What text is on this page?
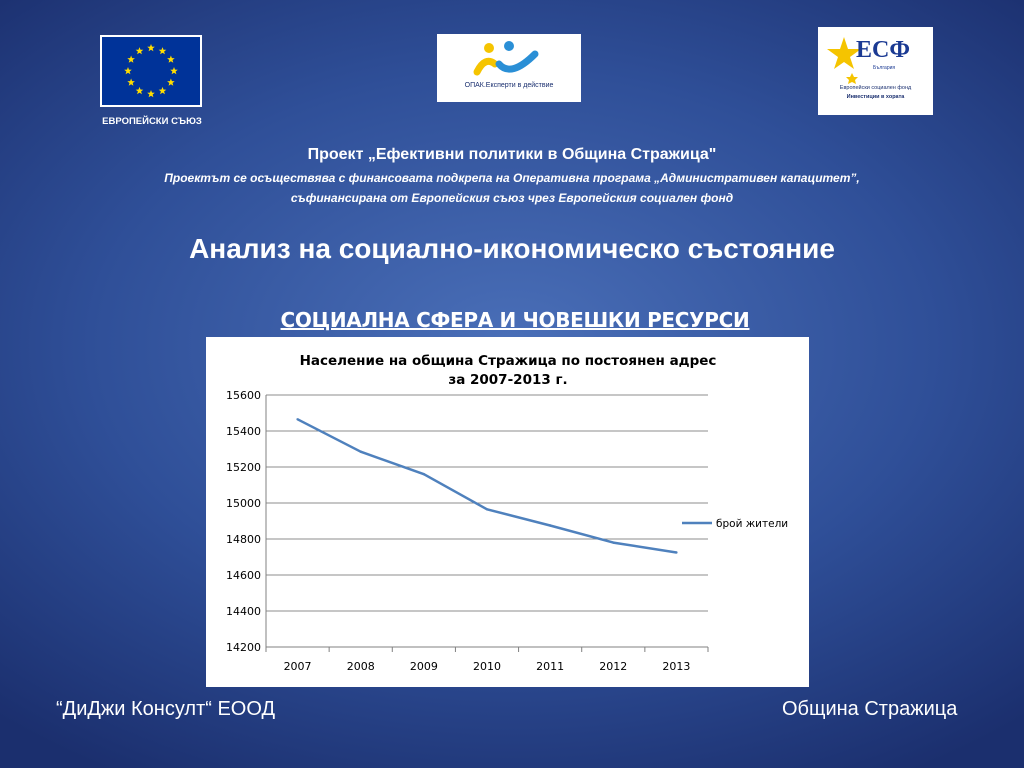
ЕВРОПЕЙСКИ СЪЮЗ
ОПАК.Експерти в действие
ЕСФ
България
Европейски социален фонд
Инвестиции в хората
Проект „Ефективни политики в Община Стражица"
Проектът се осъществява с финансовата подкрепа на Оперативна програма „Административен капацитет”,
съфинансирана от Европейския съюз чрез Европейския социален фонд
Анализ на социално-икономическо състояние
СОЦИАЛНА СФЕРА И ЧОВЕШКИ РЕСУРСИ
Население на община Стражица по постоянен адрес
за 2007-2013 г.
14200
14400
14600
14800
15000
15200
15400
15600
2007	2008	2009	2010	2011	2012	2013
брой жители
“ДиДжи Консулт“ ЕООД	Община Стражица
